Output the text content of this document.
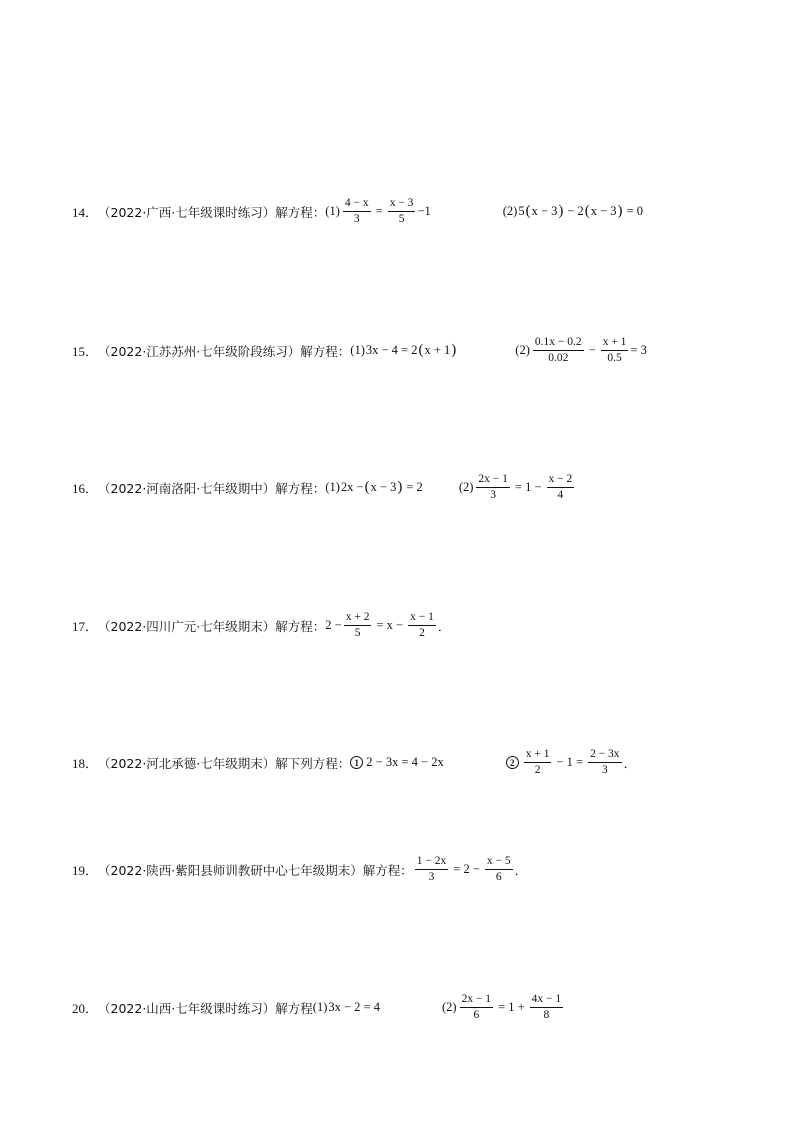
14． （2022·广西·七年级课时练习） 解方程： $(1) \frac{4 - x}{3} = \frac{x - 3}{5} -1$	(2) 5 ( x − 3 ) − 2 ( x − 3 ) = 0
15． （2022·江苏苏州·七年级阶段练习） 解方程： (1) 3x − 4 = 2 ( x + 1 )	$(2) \frac{0.1x - 0.2}{0.02} - \frac{x + 1}{0.5} = 3$
16． （2022·河南洛阳·七年级期中） 解方程： (1) 2x − ( x − 3 ) = 2	$(2) \frac{2x - 1}{3} = 1 - \frac{x - 2}{4}$
17． （2022·四川广元·七年级期末） 解方程： $2 - \frac{x + 2}{5} = x - \frac{x - 1}{2}$ ．
18． （2022·河北承德·七年级期末） 解下列方程： 1 2 − 3x = 4 − 2x	$2 \frac{x + 1}{2} - 1 = \frac{2 - 3x}{3}$ ．
19． （2022·陕西·紫阳县师训教研中心七年级期末） 解方程： $\frac{1 - 2x}{3} = 2 - \frac{x - 5}{6}$ ．
20． （2022·山西·七年级课时练习） 解方程 (1) 3x − 2 = 4	$(2) \frac{2x - 1}{6} = 1 + \frac{4x - 1}{8}$
